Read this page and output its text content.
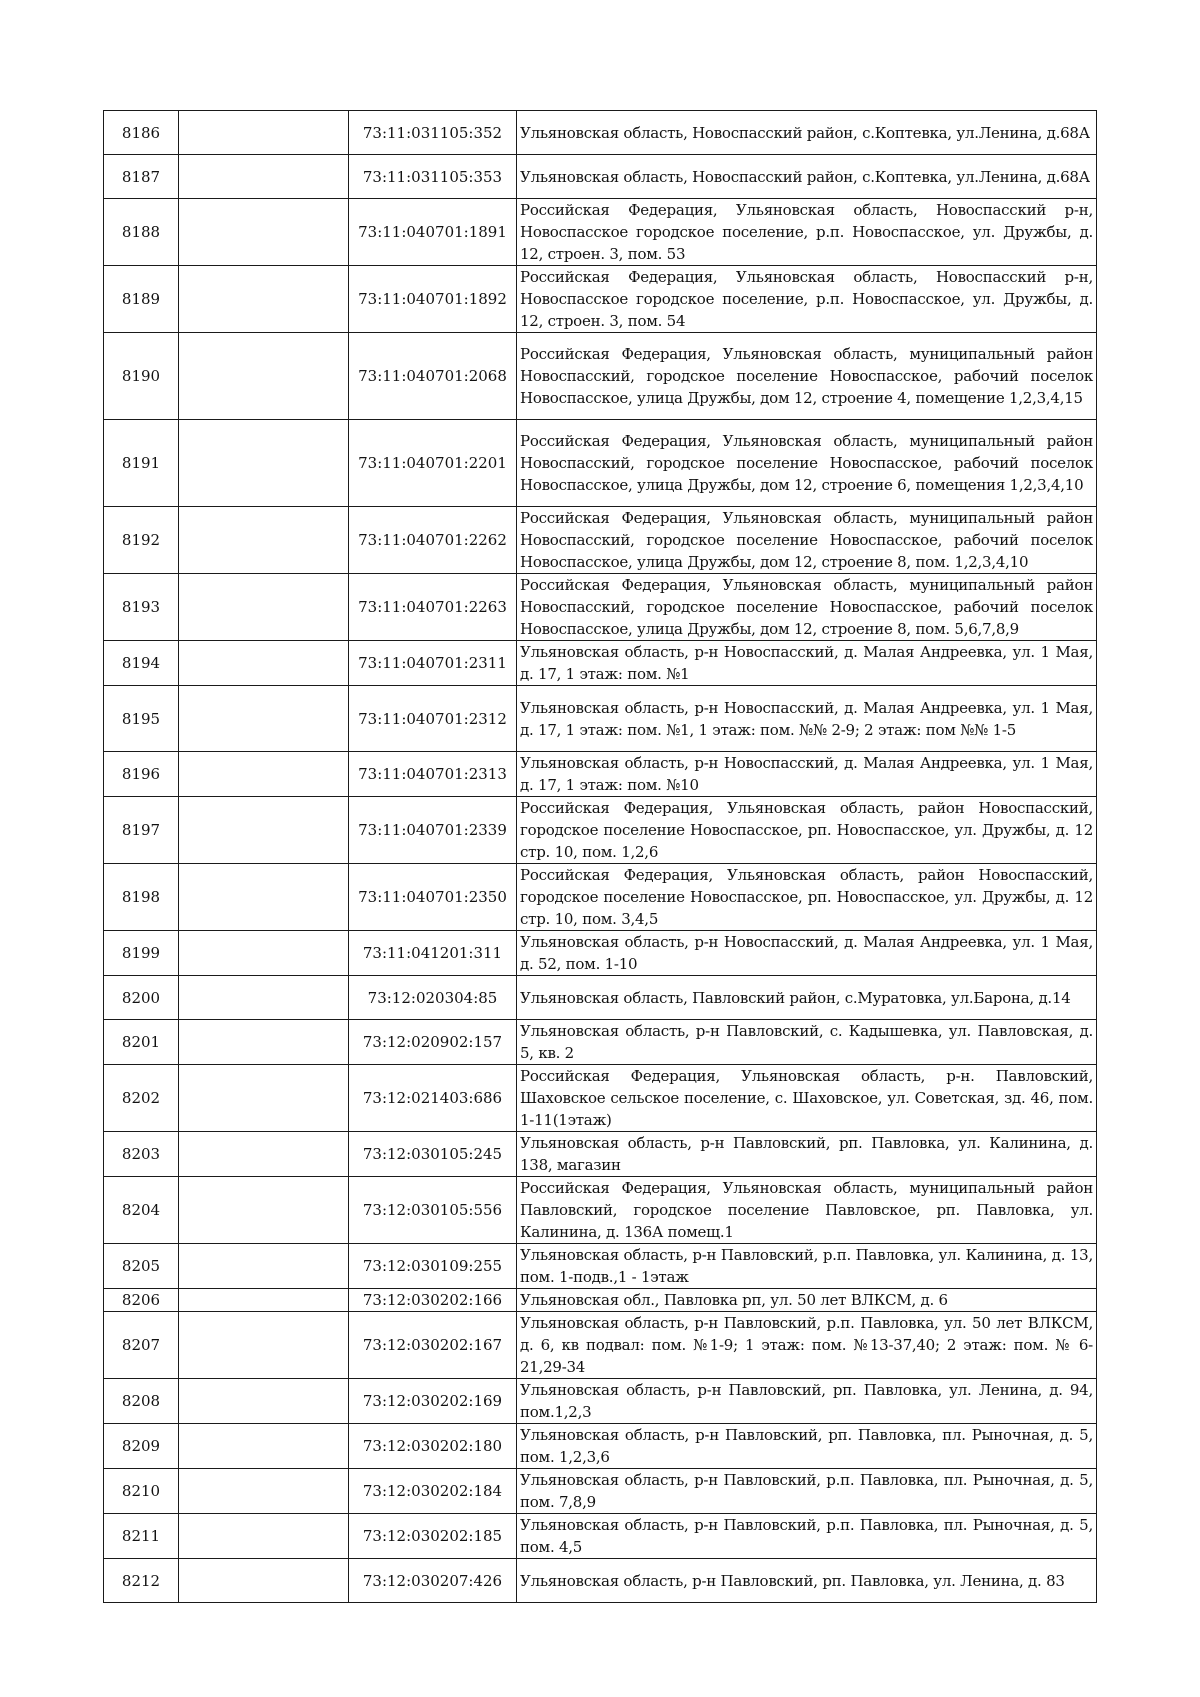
8186		73:11:031105:352	Ульяновская область, Новоспасский район, с.Коптевка, ул.Ленина, д.68А
8187		73:11:031105:353	Ульяновская область, Новоспасский район, с.Коптевка, ул.Ленина, д.68А
8188		73:11:040701:1891	Российская Федерация, Ульяновская область, Новоспасский р-н, Новоспасское городское поселение, р.п. Новоспасское, ул. Дружбы, д. 12, строен. 3, пом. 53
8189		73:11:040701:1892	Российская Федерация, Ульяновская область, Новоспасский р-н, Новоспасское городское поселение, р.п. Новоспасское, ул. Дружбы, д. 12, строен. 3, пом. 54
8190		73:11:040701:2068	Российская Федерация, Ульяновская область, муниципальный район Новоспасский, городское поселение Новоспасское, рабочий поселок Новоспасское, улица Дружбы, дом 12, строение 4, помещение 1,2,3,4,15
8191		73:11:040701:2201	Российская Федерация, Ульяновская область, муниципальный район Новоспасский, городское поселение Новоспасское, рабочий поселок Новоспасское, улица Дружбы, дом 12, строение 6, помещения 1,2,3,4,10
8192		73:11:040701:2262	Российская Федерация, Ульяновская область, муниципальный район Новоспасский, городское поселение Новоспасское, рабочий поселок Новоспасское, улица Дружбы, дом 12, строение 8, пом. 1,2,3,4,10
8193		73:11:040701:2263	Российская Федерация, Ульяновская область, муниципальный район Новоспасский, городское поселение Новоспасское, рабочий поселок Новоспасское, улица Дружбы, дом 12, строение 8, пом. 5,6,7,8,9
8194		73:11:040701:2311	Ульяновская область, р-н Новоспасский, д. Малая Андреевка, ул. 1 Мая, д. 17, 1 этаж: пом. №1
8195		73:11:040701:2312	Ульяновская область, р-н Новоспасский, д. Малая Андреевка, ул. 1 Мая, д. 17, 1 этаж: пом. №1, 1 этаж: пом. №№ 2-9; 2 этаж: пом №№ 1-5
8196		73:11:040701:2313	Ульяновская область, р-н Новоспасский, д. Малая Андреевка, ул. 1 Мая, д. 17, 1 этаж: пом. №10
8197		73:11:040701:2339	Российская Федерация, Ульяновская область, район Новоспасский, городское поселение Новоспасское, рп. Новоспасское, ул. Дружбы, д. 12 стр. 10, пом. 1,2,6
8198		73:11:040701:2350	Российская Федерация, Ульяновская область, район Новоспасский, городское поселение Новоспасское, рп. Новоспасское, ул. Дружбы, д. 12 стр. 10, пом. 3,4,5
8199		73:11:041201:311	Ульяновская область, р-н Новоспасский, д. Малая Андреевка, ул. 1 Мая, д. 52, пом. 1-10
8200		73:12:020304:85	Ульяновская область, Павловский район, с.Муратовка, ул.Барона, д.14
8201		73:12:020902:157	Ульяновская область, р-н Павловский, с. Кадышевка, ул. Павловская, д. 5, кв. 2
8202		73:12:021403:686	Российская Федерация, Ульяновская область, р-н. Павловский, Шаховское сельское поселение, с. Шаховское, ул. Советская, зд. 46, пом. 1-11(1этаж)
8203		73:12:030105:245	Ульяновская область, р-н Павловский, рп. Павловка, ул. Калинина, д. 138, магазин
8204		73:12:030105:556	Российская Федерация, Ульяновская область, муниципальный район Павловский, городское поселение Павловское, рп. Павловка, ул. Калинина, д. 136А помещ.1
8205		73:12:030109:255	Ульяновская область, р-н Павловский, р.п. Павловка, ул. Калинина, д. 13, пом. 1-подв.,1 - 1этаж
8206		73:12:030202:166	Ульяновская обл., Павловка рп, ул. 50 лет ВЛКСМ, д. 6
8207		73:12:030202:167	Ульяновская область, р-н Павловский, р.п. Павловка, ул. 50 лет ВЛКСМ, д. 6, кв подвал: пом. №1-9; 1 этаж: пом. №13-37,40; 2 этаж: пом. № 6-21,29-34
8208		73:12:030202:169	Ульяновская область, р-н Павловский, рп. Павловка, ул. Ленина, д. 94, пом.1,2,3
8209		73:12:030202:180	Ульяновская область, р-н Павловский, рп. Павловка, пл. Рыночная, д. 5, пом. 1,2,3,6
8210		73:12:030202:184	Ульяновская область, р-н Павловский, р.п. Павловка, пл. Рыночная, д. 5, пом. 7,8,9
8211		73:12:030202:185	Ульяновская область, р-н Павловский, р.п. Павловка, пл. Рыночная, д. 5, пом. 4,5
8212		73:12:030207:426	Ульяновская область, р-н Павловский, рп. Павловка, ул. Ленина, д. 83
